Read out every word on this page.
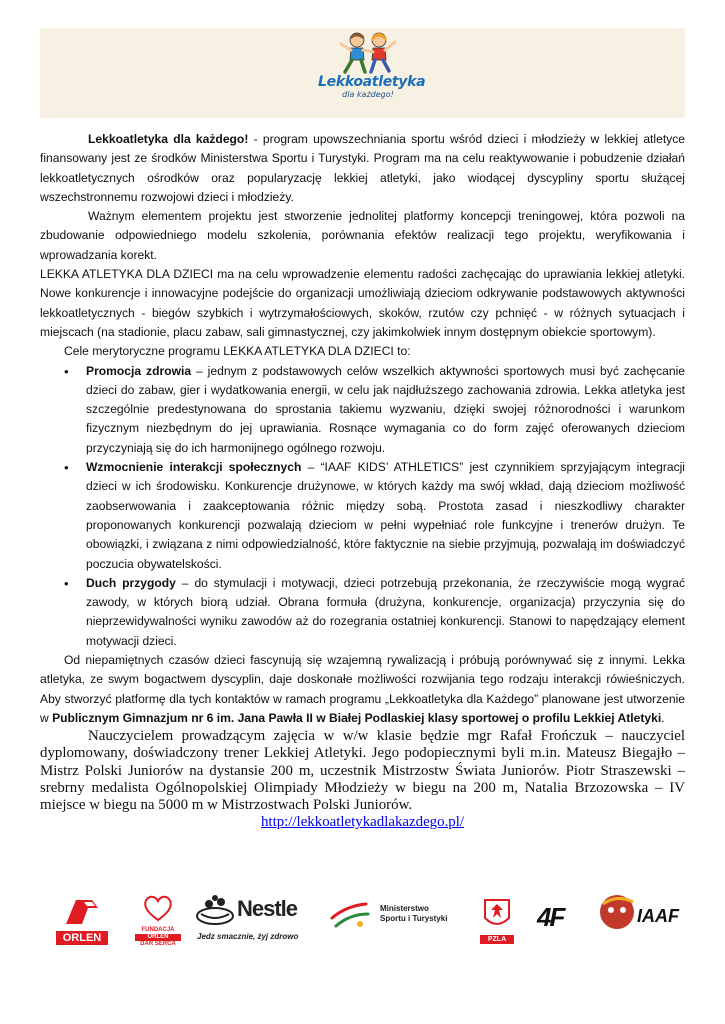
Lekkoatletyka
dla każdego!

Lekkoatletyka dla każdego! - program upowszechniania sportu wśród dzieci i młodzieży w lekkiej atletyce finansowany jest ze środków Ministerstwa Sportu i Turystyki. Program ma na celu reaktywowanie i pobudzenie działań lekkoatletycznych ośrodków oraz popularyzację lekkiej atletyki, jako wiodącej dyscypliny sportu służącej wszechstronnemu rozwojowi dzieci i młodzieży.

Ważnym elementem projektu jest stworzenie jednolitej platformy koncepcji treningowej, która pozwoli na zbudowanie odpowiedniego modelu szkolenia, porównania efektów realizacji tego projektu, weryfikowania i wprowadzania korekt.

LEKKA ATLETYKA DLA DZIECI ma na celu wprowadzenie elementu radości zachęcając do uprawiania lekkiej atletyki. Nowe konkurencje i innowacyjne podejście do organizacji umożliwiają dzieciom odkrywanie podstawowych aktywności lekkoatletycznych - biegów szybkich i wytrzymałościowych, skoków, rzutów czy pchnięć - w różnych sytuacjach i miejscach (na stadionie, placu zabaw, sali gimnastycznej, czy jakimkolwiek innym dostępnym obiekcie sportowym).

Cele merytoryczne programu LEKKA ATLETYKA DLA DZIECI to:

• Promocja zdrowia – jednym z podstawowych celów wszelkich aktywności sportowych musi być zachęcanie dzieci do zabaw, gier i wydatkowania energii, w celu jak najdłuższego zachowania zdrowia. Lekka atletyka jest szczególnie predestynowana do sprostania takiemu wyzwaniu, dzięki swojej różnorodności i warunkom fizycznym niezbędnym do jej uprawiania. Rosnące wymagania co do form zajęć oferowanych dzieciom przyczyniają się do ich harmonijnego ogólnego rozwoju.
• Wzmocnienie interakcji społecznych – “IAAF KIDS’ ATHLETICS” jest czynnikiem sprzyjającym integracji dzieci w ich środowisku. Konkurencje drużynowe, w których każdy ma swój wkład, dają dzieciom możliwość zaobserwowania i zaakceptowania różnic między sobą. Prostota zasad i nieszkodliwy charakter proponowanych konkurencji pozwalają dzieciom w pełni wypełniać role funkcyjne i trenerów drużyn. Te obowiązki, i związana z nimi odpowiedzialność, które faktycznie na siebie przyjmują, pozwalają im doświadczyć poczucia obywatelskości.
• Duch przygody – do stymulacji i motywacji, dzieci potrzebują przekonania, że rzeczywiście mogą wygrać zawody, w których biorą udział. Obrana formuła (drużyna, konkurencje, organizacja) przyczynia się do nieprzewidywalności wyniku zawodów aż do rozegrania ostatniej konkurencji. Stanowi to napędzający element motywacji dzieci.

Od niepamiętnych czasów dzieci fascynują się wzajemną rywalizacją i próbują porównywać się z innymi. Lekka atletyka, ze swym bogactwem dyscyplin, daje doskonałe możliwości rozwijania tego rodzaju interakcji rówieśniczych. Aby stworzyć platformę dla tych kontaktów w ramach programu „Lekkoatletyka dla Każdego” planowane jest utworzenie w Publicznym Gimnazjum nr 6 im. Jana Pawła II w Białej Podlaskiej klasy sportowej o profilu Lekkiej Atletyki.

Nauczycielem prowadzącym zajęcia w w/w klasie będzie mgr Rafał Frończuk – nauczyciel dyplomowany, doświadczony trener Lekkiej Atletyki. Jego podopiecznymi byli m.in. Mateusz Biegajło – Mistrz Polski Juniorów na dystansie 200 m, uczestnik Mistrzostw Świata Juniorów. Piotr Straszewski – srebrny medalista Ogólnopolskiej Olimpiady Młodzieży w biegu na 200 m, Natalia Brzozowska – IV miejsce w biegu na 5000 m w Mistrzostwach Polski Juniorów.

http://lekkoatletykadlakazdego.pl/
ORLEN
FUNDACJA
ORLEN
DAR SERCA
Nestle
Jedz smacznie, żyj zdrowo
Ministerstwo
Sportu i Turystyki
PZLA
4F	IAAF
